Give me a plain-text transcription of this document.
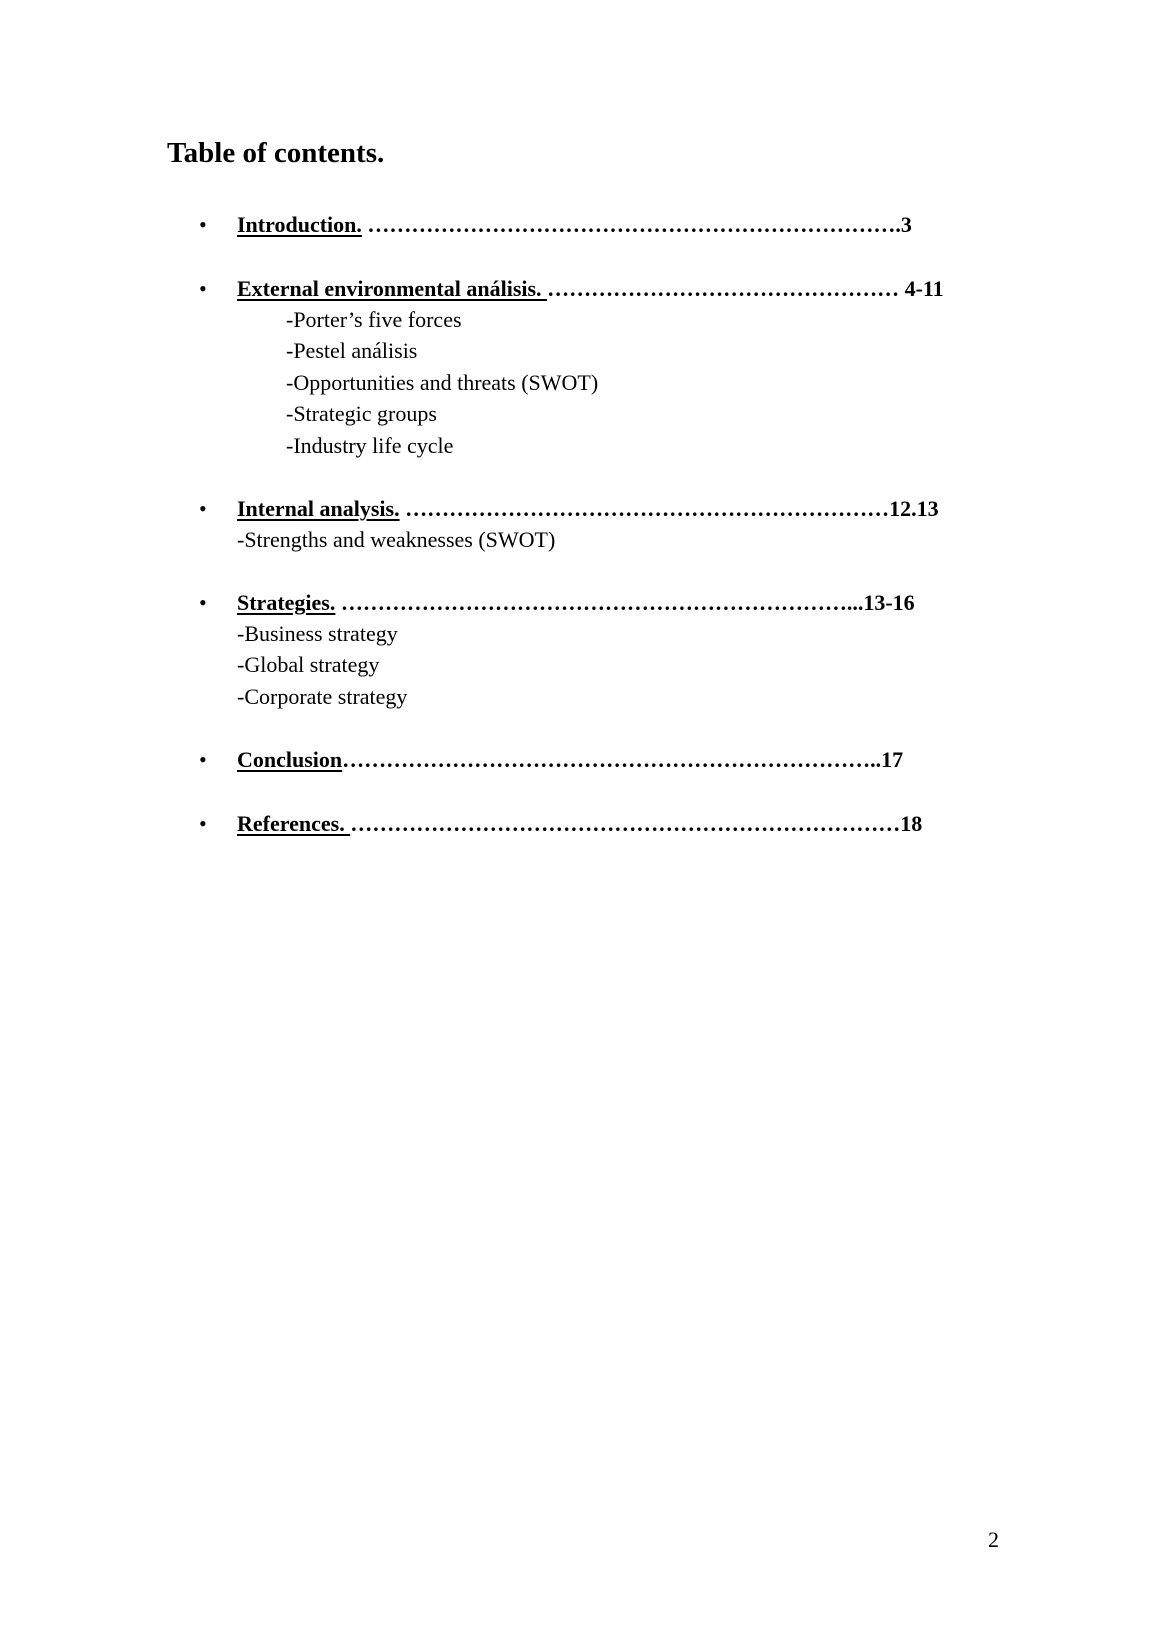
Table of contents.
• Introduction. ……………………………………………………………….3
• External environmental análisis. ………………………………………… 4-11
-Porter’s five forces
-Pestel análisis
-Opportunities and threats (SWOT)
-Strategic groups
-Industry life cycle
• Internal analysis. …………………………………………………………12.13
-Strengths and weaknesses (SWOT)
• Strategies. ……………………………………………………………...13-16
-Business strategy
-Global strategy
-Corporate strategy
• Conclusion………………………………………………………………..17
• References. …………………………………………………………………18
2
